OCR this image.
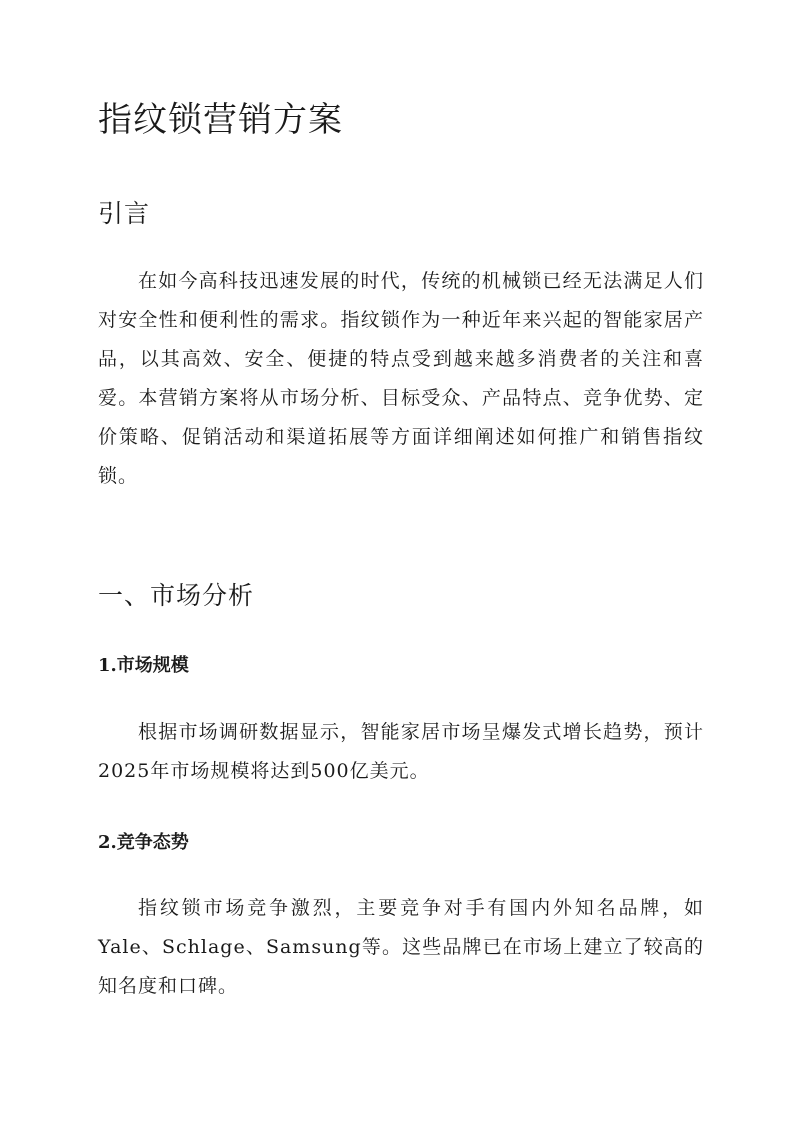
指纹锁营销方案
引言

在如今高科技迅速发展的时代，传统的机械锁已经无法满足人们对安全性和便利性的需求。指纹锁作为一种近年来兴起的智能家居产品，以其高效、安全、便捷的特点受到越来越多消费者的关注和喜爱。本营销方案将从市场分析、目标受众、产品特点、竞争优势、定价策略、促销活动和渠道拓展等方面详细阐述如何推广和销售指纹锁。

一、市场分析
1.市场规模

根据市场调研数据显示，智能家居市场呈爆发式增长趋势，预计2025年市场规模将达到500亿美元。

2.竞争态势

指纹锁市场竞争激烈，主要竞争对手有国内外知名品牌，如Yale、Schlage、Samsung等。这些品牌已在市场上建立了较高的知名度和口碑。
